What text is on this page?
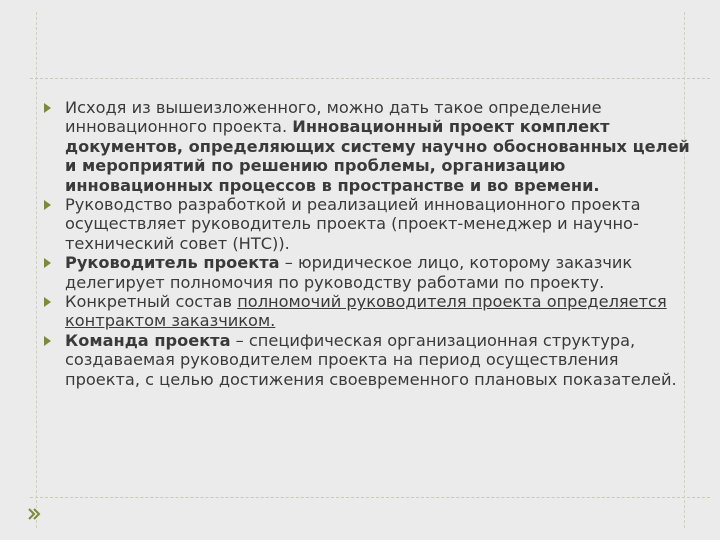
Исходя из вышеизложенного, можно дать такое определение инновационного проекта. Инновационный проект комплект документов, определяющих систему научно обоснованных целей и мероприятий по решению проблемы, организацию инновационных процессов в пространстве и во времени.
Руководство разработкой и реализацией инновационного проекта осуществляет руководитель проекта (проект-менеджер и научно-технический совет (НТС)).
Руководитель проекта – юридическое лицо, которому заказчик делегирует полномочия по руководству работами по проекту.
Конкретный состав полномочий руководителя проекта определяется контрактом заказчиком.
Команда проекта – специфическая организационная структура, создаваемая руководителем проекта на период осуществления проекта, с целью достижения своевременного плановых показателей.
